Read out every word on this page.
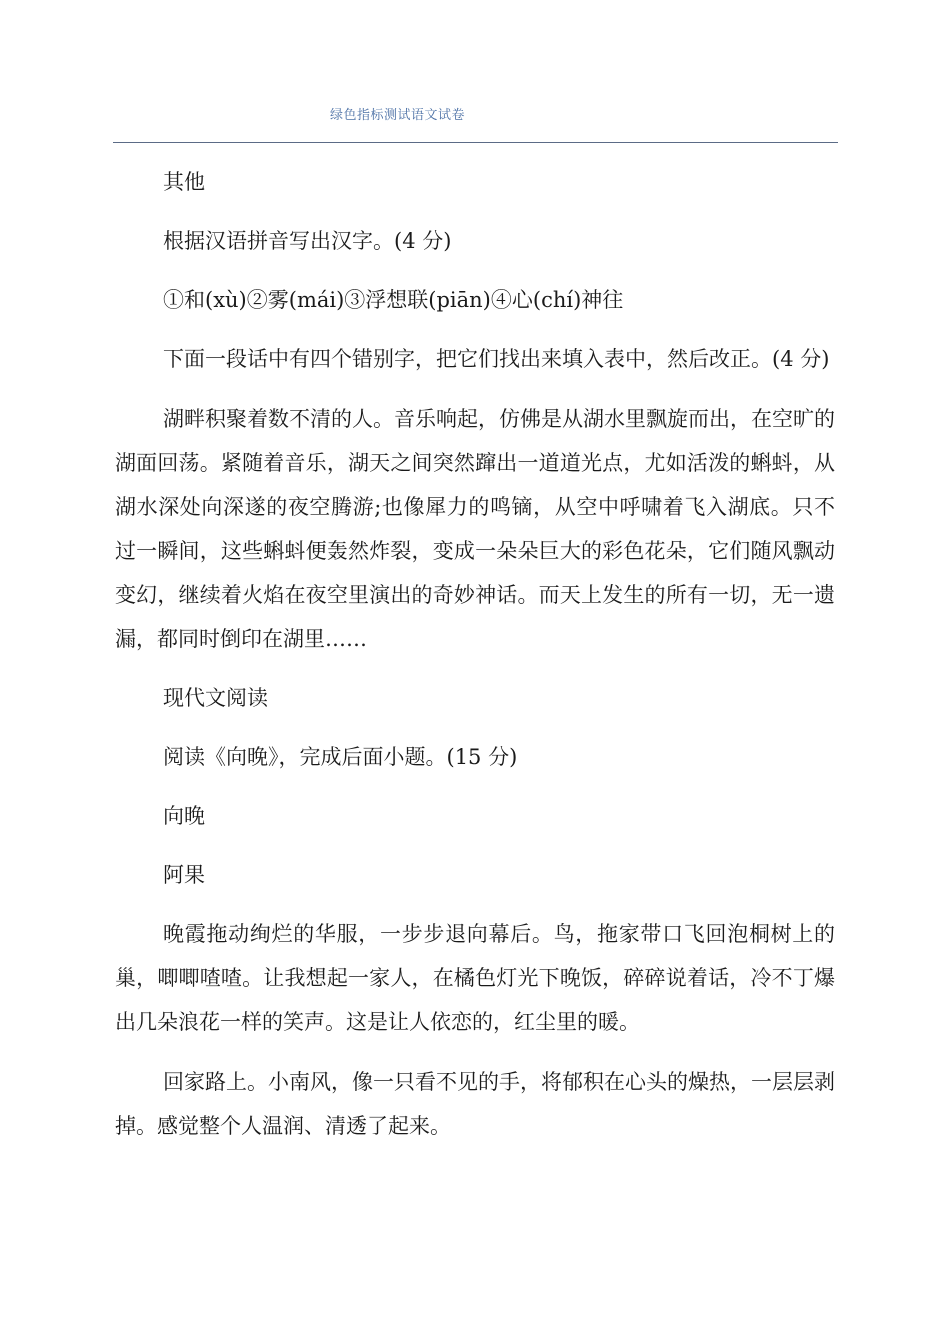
绿色指标测试语文试卷

其他

根据汉语拼音写出汉字。(4 分)

①和(xù)②雾(mái)③浮想联(piān)④心(chí)神往

下面一段话中有四个错别字，把它们找出来填入表中，然后改正。(4 分)

湖畔积聚着数不清的人。音乐响起，仿佛是从湖水里飘旋而出，在空旷的湖面回荡。紧随着音乐，湖天之间突然蹿出一道道光点，尤如活泼的蝌蚪，从湖水深处向深遂的夜空腾游;也像犀力的鸣镝，从空中呼啸着飞入湖底。只不过一瞬间，这些蝌蚪便轰然炸裂，变成一朵朵巨大的彩色花朵，它们随风飘动变幻，继续着火焰在夜空里演出的奇妙神话。而天上发生的所有一切，无一遗漏，都同时倒印在湖里……

现代文阅读

阅读《向晚》，完成后面小题。(15 分)

向晚

阿果

晚霞拖动绚烂的华服，一步步退向幕后。鸟，拖家带口飞回泡桐树上的巢，唧唧喳喳。让我想起一家人，在橘色灯光下晚饭，碎碎说着话，冷不丁爆出几朵浪花一样的笑声。这是让人依恋的，红尘里的暖。

回家路上。小南风，像一只看不见的手，将郁积在心头的燥热，一层层剥掉。感觉整个人温润、清透了起来。
